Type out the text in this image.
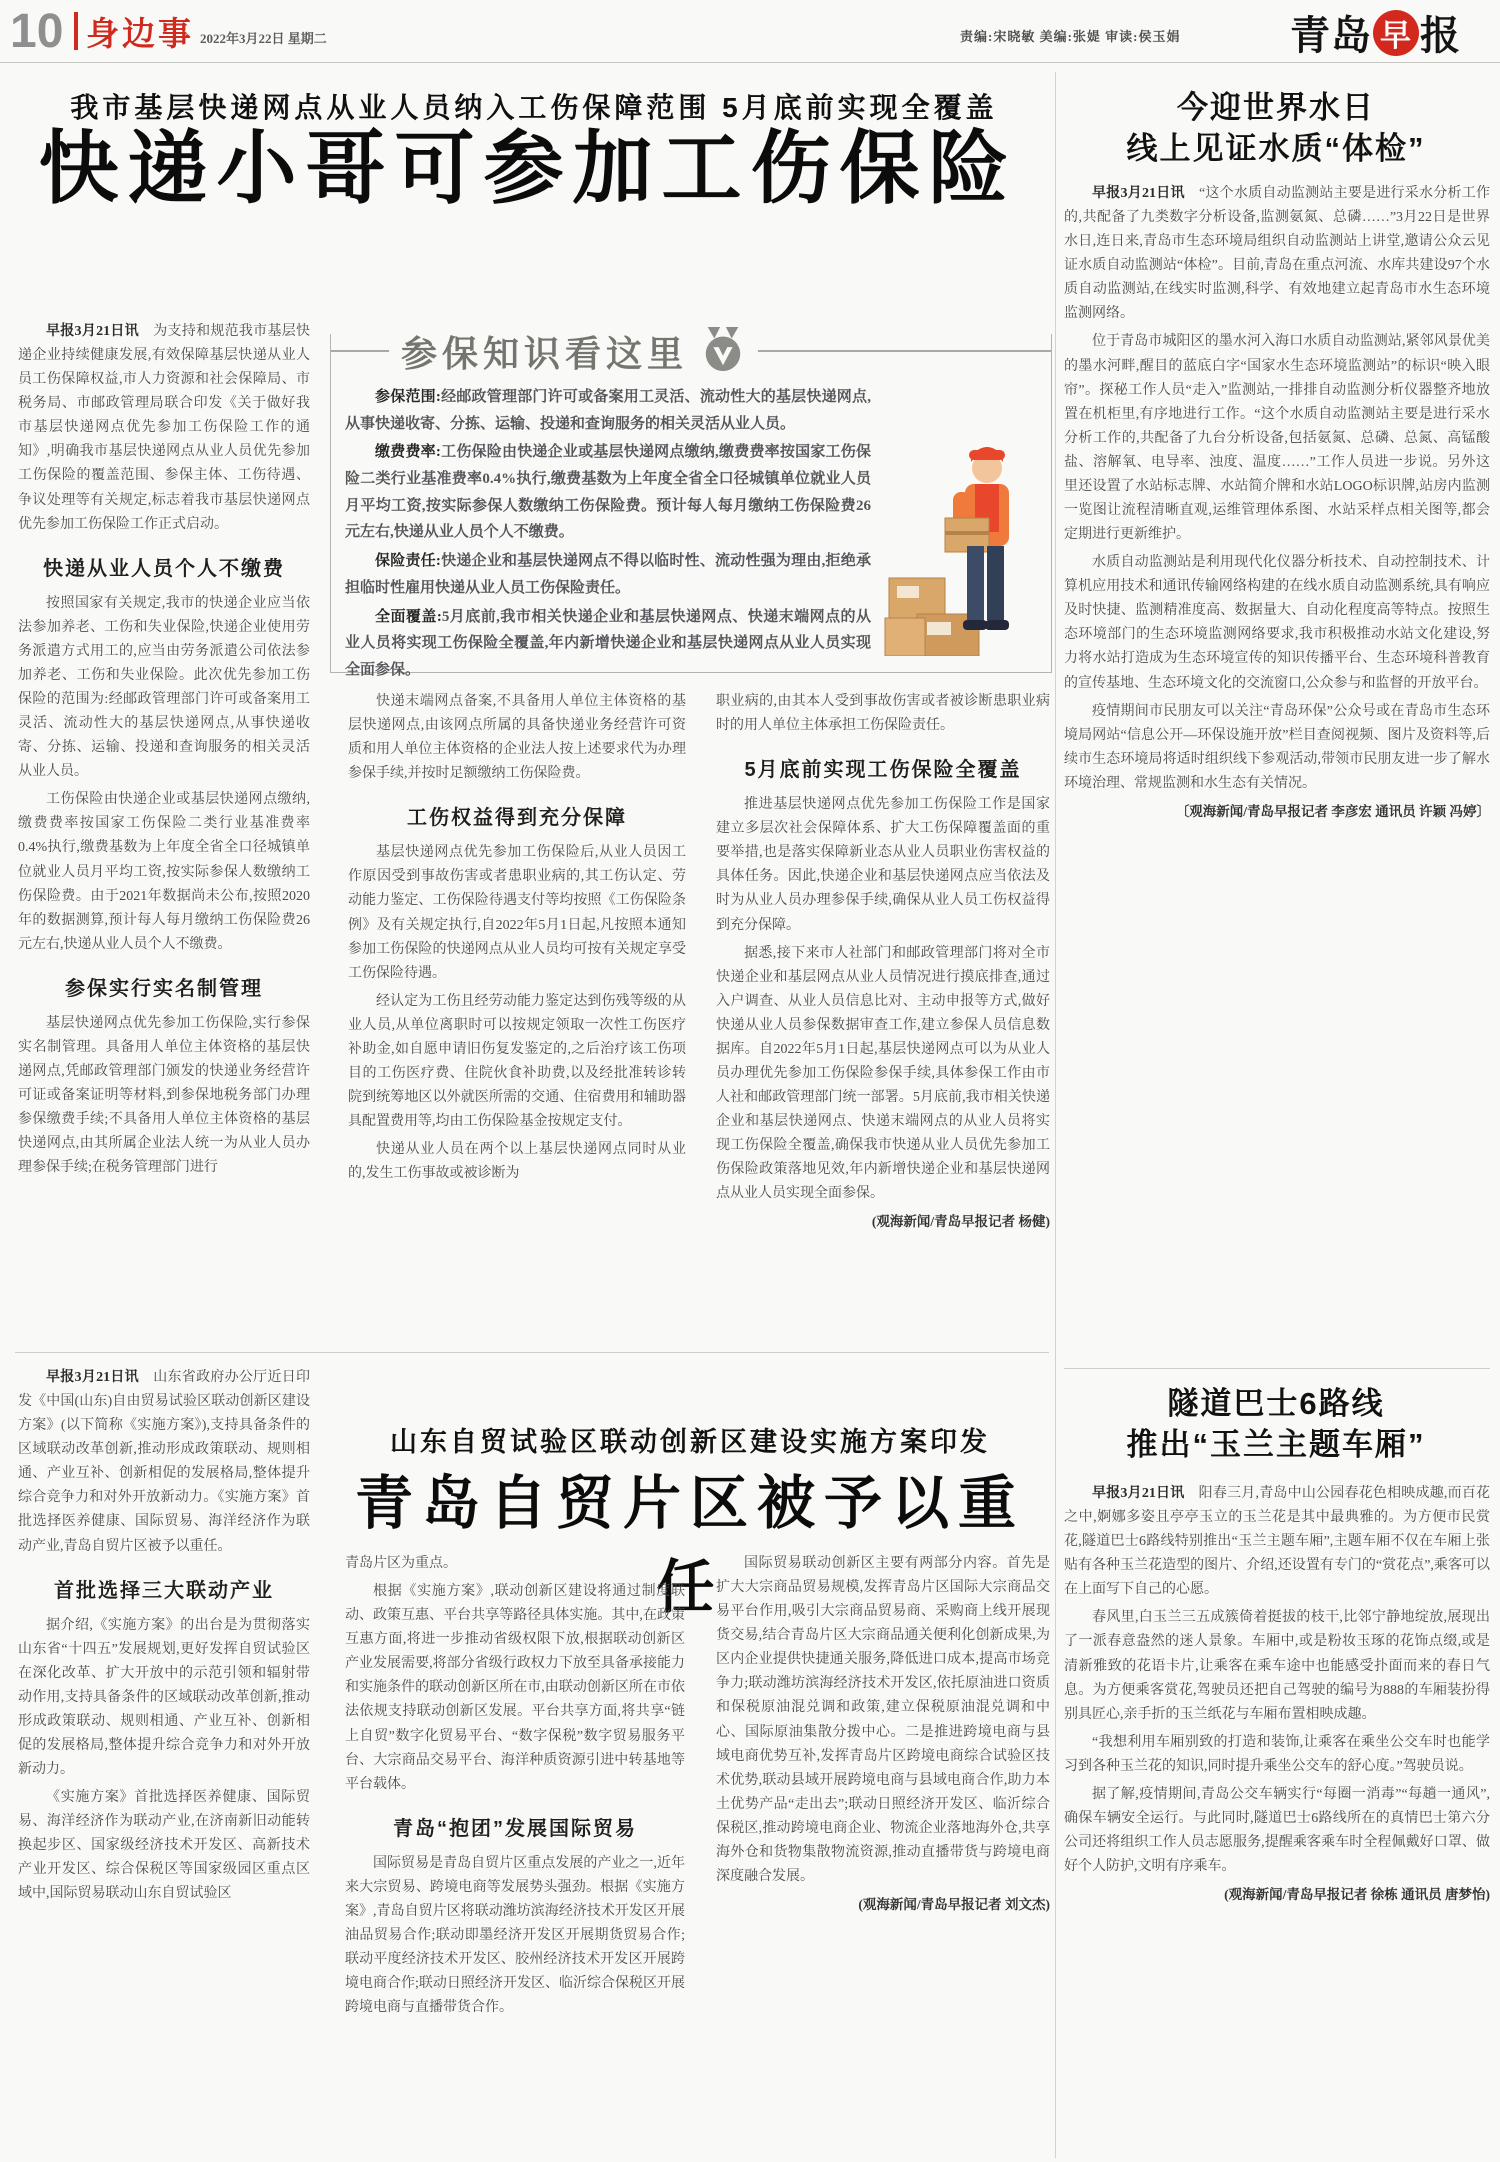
10 身边事 2022年3月22日 星期二	责编:宋晓敏 美编:张媞 审读:侯玉娟	青岛 早 报
我市基层快递网点从业人员纳入工伤保障范围 5月底前实现全覆盖
快递小哥可参加工伤保险

早报3月21日讯　 为支持和规范我市基层快递企业持续健康发展,有效保障基层快递从业人员工伤保障权益,市人力资源和社会保障局、市税务局、市邮政管理局联合印发《关于做好我市基层快递网点优先参加工伤保险工作的通知》,明确我市基层快递网点从业人员优先参加工伤保险的覆盖范围、参保主体、工伤待遇、争议处理等有关规定,标志着我市基层快递网点优先参加工伤保险工作正式启动。

快递从业人员个人不缴费

按照国家有关规定,我市的快递企业应当依法参加养老、工伤和失业保险,快递企业使用劳务派遣方式用工的,应当由劳务派遣公司依法参加养老、工伤和失业保险。此次优先参加工伤保险的范围为:经邮政管理部门许可或备案用工灵活、流动性大的基层快递网点,从事快递收寄、分拣、运输、投递和查询服务的相关灵活从业人员。

工伤保险由快递企业或基层快递网点缴纳,缴费费率按国家工伤保险二类行业基准费率0.4%执行,缴费基数为上年度全省全口径城镇单位就业人员月平均工资,按实际参保人数缴纳工伤保险费。由于2021年数据尚未公布,按照2020年的数据测算,预计每人每月缴纳工伤保险费26元左右,快递从业人员个人不缴费。

参保实行实名制管理

基层快递网点优先参加工伤保险,实行参保实名制管理。具备用人单位主体资格的基层快递网点,凭邮政管理部门颁发的快递业务经营许可证或备案证明等材料,到参保地税务部门办理参保缴费手续;不具备用人单位主体资格的基层快递网点,由其所属企业法人统一为从业人员办理参保手续;在税务管理部门进行

参保知识看这里

参保范围:经邮政管理部门许可或备案用工灵活、流动性大的基层快递网点,从事快递收寄、分拣、运输、投递和查询服务的相关灵活从业人员。

缴费费率:工伤保险由快递企业或基层快递网点缴纳,缴费费率按国家工伤保险二类行业基准费率0.4%执行,缴费基数为上年度全省全口径城镇单位就业人员月平均工资,按实际参保人数缴纳工伤保险费。预计每人每月缴纳工伤保险费26元左右,快递从业人员个人不缴费。

保险责任:快递企业和基层快递网点不得以临时性、流动性强为理由,拒绝承担临时性雇用快递从业人员工伤保险责任。

全面覆盖:5月底前,我市相关快递企业和基层快递网点、快递末端网点的从业人员将实现工伤保险全覆盖,年内新增快递企业和基层快递网点从业人员实现全面参保。

快递末端网点备案,不具备用人单位主体资格的基层快递网点,由该网点所属的具备快递业务经营许可资质和用人单位主体资格的企业法人按上述要求代为办理参保手续,并按时足额缴纳工伤保险费。

工伤权益得到充分保障

基层快递网点优先参加工伤保险后,从业人员因工作原因受到事故伤害或者患职业病的,其工伤认定、劳动能力鉴定、工伤保险待遇支付等均按照《工伤保险条例》及有关规定执行,自2022年5月1日起,凡按照本通知参加工伤保险的快递网点从业人员均可按有关规定享受工伤保险待遇。

经认定为工伤且经劳动能力鉴定达到伤残等级的从业人员,从单位离职时可以按规定领取一次性工伤医疗补助金,如自愿申请旧伤复发鉴定的,之后治疗该工伤项目的工伤医疗费、住院伙食补助费,以及经批准转诊转院到统筹地区以外就医所需的交通、住宿费用和辅助器具配置费用等,均由工伤保险基金按规定支付。

快递从业人员在两个以上基层快递网点同时从业的,发生工伤事故或被诊断为

职业病的,由其本人受到事故伤害或者被诊断患职业病时的用人单位主体承担工伤保险责任。

5月底前实现工伤保险全覆盖

推进基层快递网点优先参加工伤保险工作是国家建立多层次社会保障体系、扩大工伤保障覆盖面的重要举措,也是落实保障新业态从业人员职业伤害权益的具体任务。因此,快递企业和基层快递网点应当依法及时为从业人员办理参保手续,确保从业人员工伤权益得到充分保障。

据悉,接下来市人社部门和邮政管理部门将对全市快递企业和基层网点从业人员情况进行摸底排查,通过入户调查、从业人员信息比对、主动申报等方式,做好快递从业人员参保数据审查工作,建立参保人员信息数据库。自2022年5月1日起,基层快递网点可以为从业人员办理优先参加工伤保险参保手续,具体参保工作由市人社和邮政管理部门统一部署。5月底前,我市相关快递企业和基层快递网点、快递末端网点的从业人员将实现工伤保险全覆盖,确保我市快递从业人员优先参加工伤保险政策落地见效,年内新增快递企业和基层快递网点从业人员实现全面参保。

(观海新闻/青岛早报记者 杨健)

早报3月21日讯　 山东省政府办公厅近日印发《中国(山东)自由贸易试验区联动创新区建设方案》(以下简称《实施方案》),支持具备条件的区域联动改革创新,推动形成政策联动、规则相通、产业互补、创新相促的发展格局,整体提升综合竞争力和对外开放新动力。《实施方案》首批选择医养健康、国际贸易、海洋经济作为联动产业,青岛自贸片区被予以重任。

首批选择三大联动产业

据介绍,《实施方案》的出台是为贯彻落实山东省“十四五”发展规划,更好发挥自贸试验区在深化改革、扩大开放中的示范引领和辐射带动作用,支持具备条件的区域联动改革创新,推动形成政策联动、规则相通、产业互补、创新相促的发展格局,整体提升综合竞争力和对外开放新动力。

《实施方案》首批选择医养健康、国际贸易、海洋经济作为联动产业,在济南新旧动能转换起步区、国家级经济技术开发区、高新技术产业开发区、综合保税区等国家级园区重点区域中,国际贸易联动山东自贸试验区

山东自贸试验区联动创新区建设实施方案印发
青岛自贸片区被予以重任

青岛片区为重点。

根据《实施方案》,联动创新区建设将通过制度联动、政策互惠、平台共享等路径具体实施。其中,在政策互惠方面,将进一步推动省级权限下放,根据联动创新区产业发展需要,将部分省级行政权力下放至具备承接能力和实施条件的联动创新区所在市,由联动创新区所在市依法依规支持联动创新区发展。平台共享方面,将共享“链上自贸”数字化贸易平台、“数字保税”数字贸易服务平台、大宗商品交易平台、海洋种质资源引进中转基地等平台载体。

青岛“抱团”发展国际贸易

国际贸易是青岛自贸片区重点发展的产业之一,近年来大宗贸易、跨境电商等发展势头强劲。根据《实施方案》,青岛自贸片区将联动潍坊滨海经济技术开发区开展油品贸易合作;联动即墨经济开发区开展期货贸易合作;联动平度经济技术开发区、胶州经济技术开发区开展跨境电商合作;联动日照经济开发区、临沂综合保税区开展跨境电商与直播带货合作。

国际贸易联动创新区主要有两部分内容。首先是扩大大宗商品贸易规模,发挥青岛片区国际大宗商品交易平台作用,吸引大宗商品贸易商、采购商上线开展现货交易,结合青岛片区大宗商品通关便利化创新成果,为区内企业提供快捷通关服务,降低进口成本,提高市场竞争力;联动潍坊滨海经济技术开发区,依托原油进口资质和保税原油混兑调和政策,建立保税原油混兑调和中心、国际原油集散分拨中心。二是推进跨境电商与县域电商优势互补,发挥青岛片区跨境电商综合试验区技术优势,联动县域开展跨境电商与县域电商合作,助力本土优势产品“走出去”;联动日照经济开发区、临沂综合保税区,推动跨境电商企业、物流企业落地海外仓,共享海外仓和货物集散物流资源,推动直播带货与跨境电商深度融合发展。

(观海新闻/青岛早报记者 刘文杰)

今迎世界水日
线上见证水质“体检”

早报3月21日讯　 “这个水质自动监测站主要是进行采水分析工作的,共配备了九类数字分析设备,监测氨氮、总磷……”3月22日是世界水日,连日来,青岛市生态环境局组织自动监测站上讲堂,邀请公众云见证水质自动监测站“体检”。目前,青岛在重点河流、水库共建设97个水质自动监测站,在线实时监测,科学、有效地建立起青岛市水生态环境监测网络。

位于青岛市城阳区的墨水河入海口水质自动监测站,紧邻风景优美的墨水河畔,醒目的蓝底白字“国家水生态环境监测站”的标识“映入眼帘”。探秘工作人员“走入”监测站,一排排自动监测分析仪器整齐地放置在机柜里,有序地进行工作。“这个水质自动监测站主要是进行采水分析工作的,共配备了九台分析设备,包括氨氮、总磷、总氮、高锰酸盐、溶解氧、电导率、浊度、温度……”工作人员进一步说。另外这里还设置了水站标志牌、水站简介牌和水站LOGO标识牌,站房内监测一览图让流程清晰直观,运维管理体系图、水站采样点相关图等,都会定期进行更新维护。

水质自动监测站是利用现代化仪器分析技术、自动控制技术、计算机应用技术和通讯传输网络构建的在线水质自动监测系统,具有响应及时快捷、监测精准度高、数据量大、自动化程度高等特点。按照生态环境部门的生态环境监测网络要求,我市积极推动水站文化建设,努力将水站打造成为生态环境宣传的知识传播平台、生态环境科普教育的宣传基地、生态环境文化的交流窗口,公众参与和监督的开放平台。

疫情期间市民朋友可以关注“青岛环保”公众号或在青岛市生态环境局网站“信息公开—环保设施开放”栏目查阅视频、图片及资料等,后续市生态环境局将适时组织线下参观活动,带领市民朋友进一步了解水环境治理、常规监测和水生态有关情况。

〔观海新闻/青岛早报记者 李彦宏 通讯员 许颖 冯婷〕

隧道巴士6路线
推出“玉兰主题车厢”

早报3月21日讯　 阳春三月,青岛中山公园春花色相映成趣,而百花之中,婀娜多姿且亭亭玉立的玉兰花是其中最典雅的。为方便市民赏花,隧道巴士6路线特别推出“玉兰主题车厢”,主题车厢不仅在车厢上张贴有各种玉兰花造型的图片、介绍,还设置有专门的“赏花点”,乘客可以在上面写下自己的心愿。

春风里,白玉兰三五成簇倚着挺拔的枝干,比邻宁静地绽放,展现出了一派春意盎然的迷人景象。车厢中,或是粉妆玉琢的花饰点缀,或是清新雅致的花语卡片,让乘客在乘车途中也能感受扑面而来的春日气息。为方便乘客赏花,驾驶员还把自己驾驶的编号为888的车厢装扮得别具匠心,亲手折的玉兰纸花与车厢布置相映成趣。

“我想利用车厢别致的打造和装饰,让乘客在乘坐公交车时也能学习到各种玉兰花的知识,同时提升乘坐公交车的舒心度。”驾驶员说。

据了解,疫情期间,青岛公交车辆实行“每圈一消毒”“每趟一通风”,确保车辆安全运行。与此同时,隧道巴士6路线所在的真情巴士第六分公司还将组织工作人员志愿服务,提醒乘客乘车时全程佩戴好口罩、做好个人防护,文明有序乘车。

(观海新闻/青岛早报记者 徐栋 通讯员 唐梦怡)
